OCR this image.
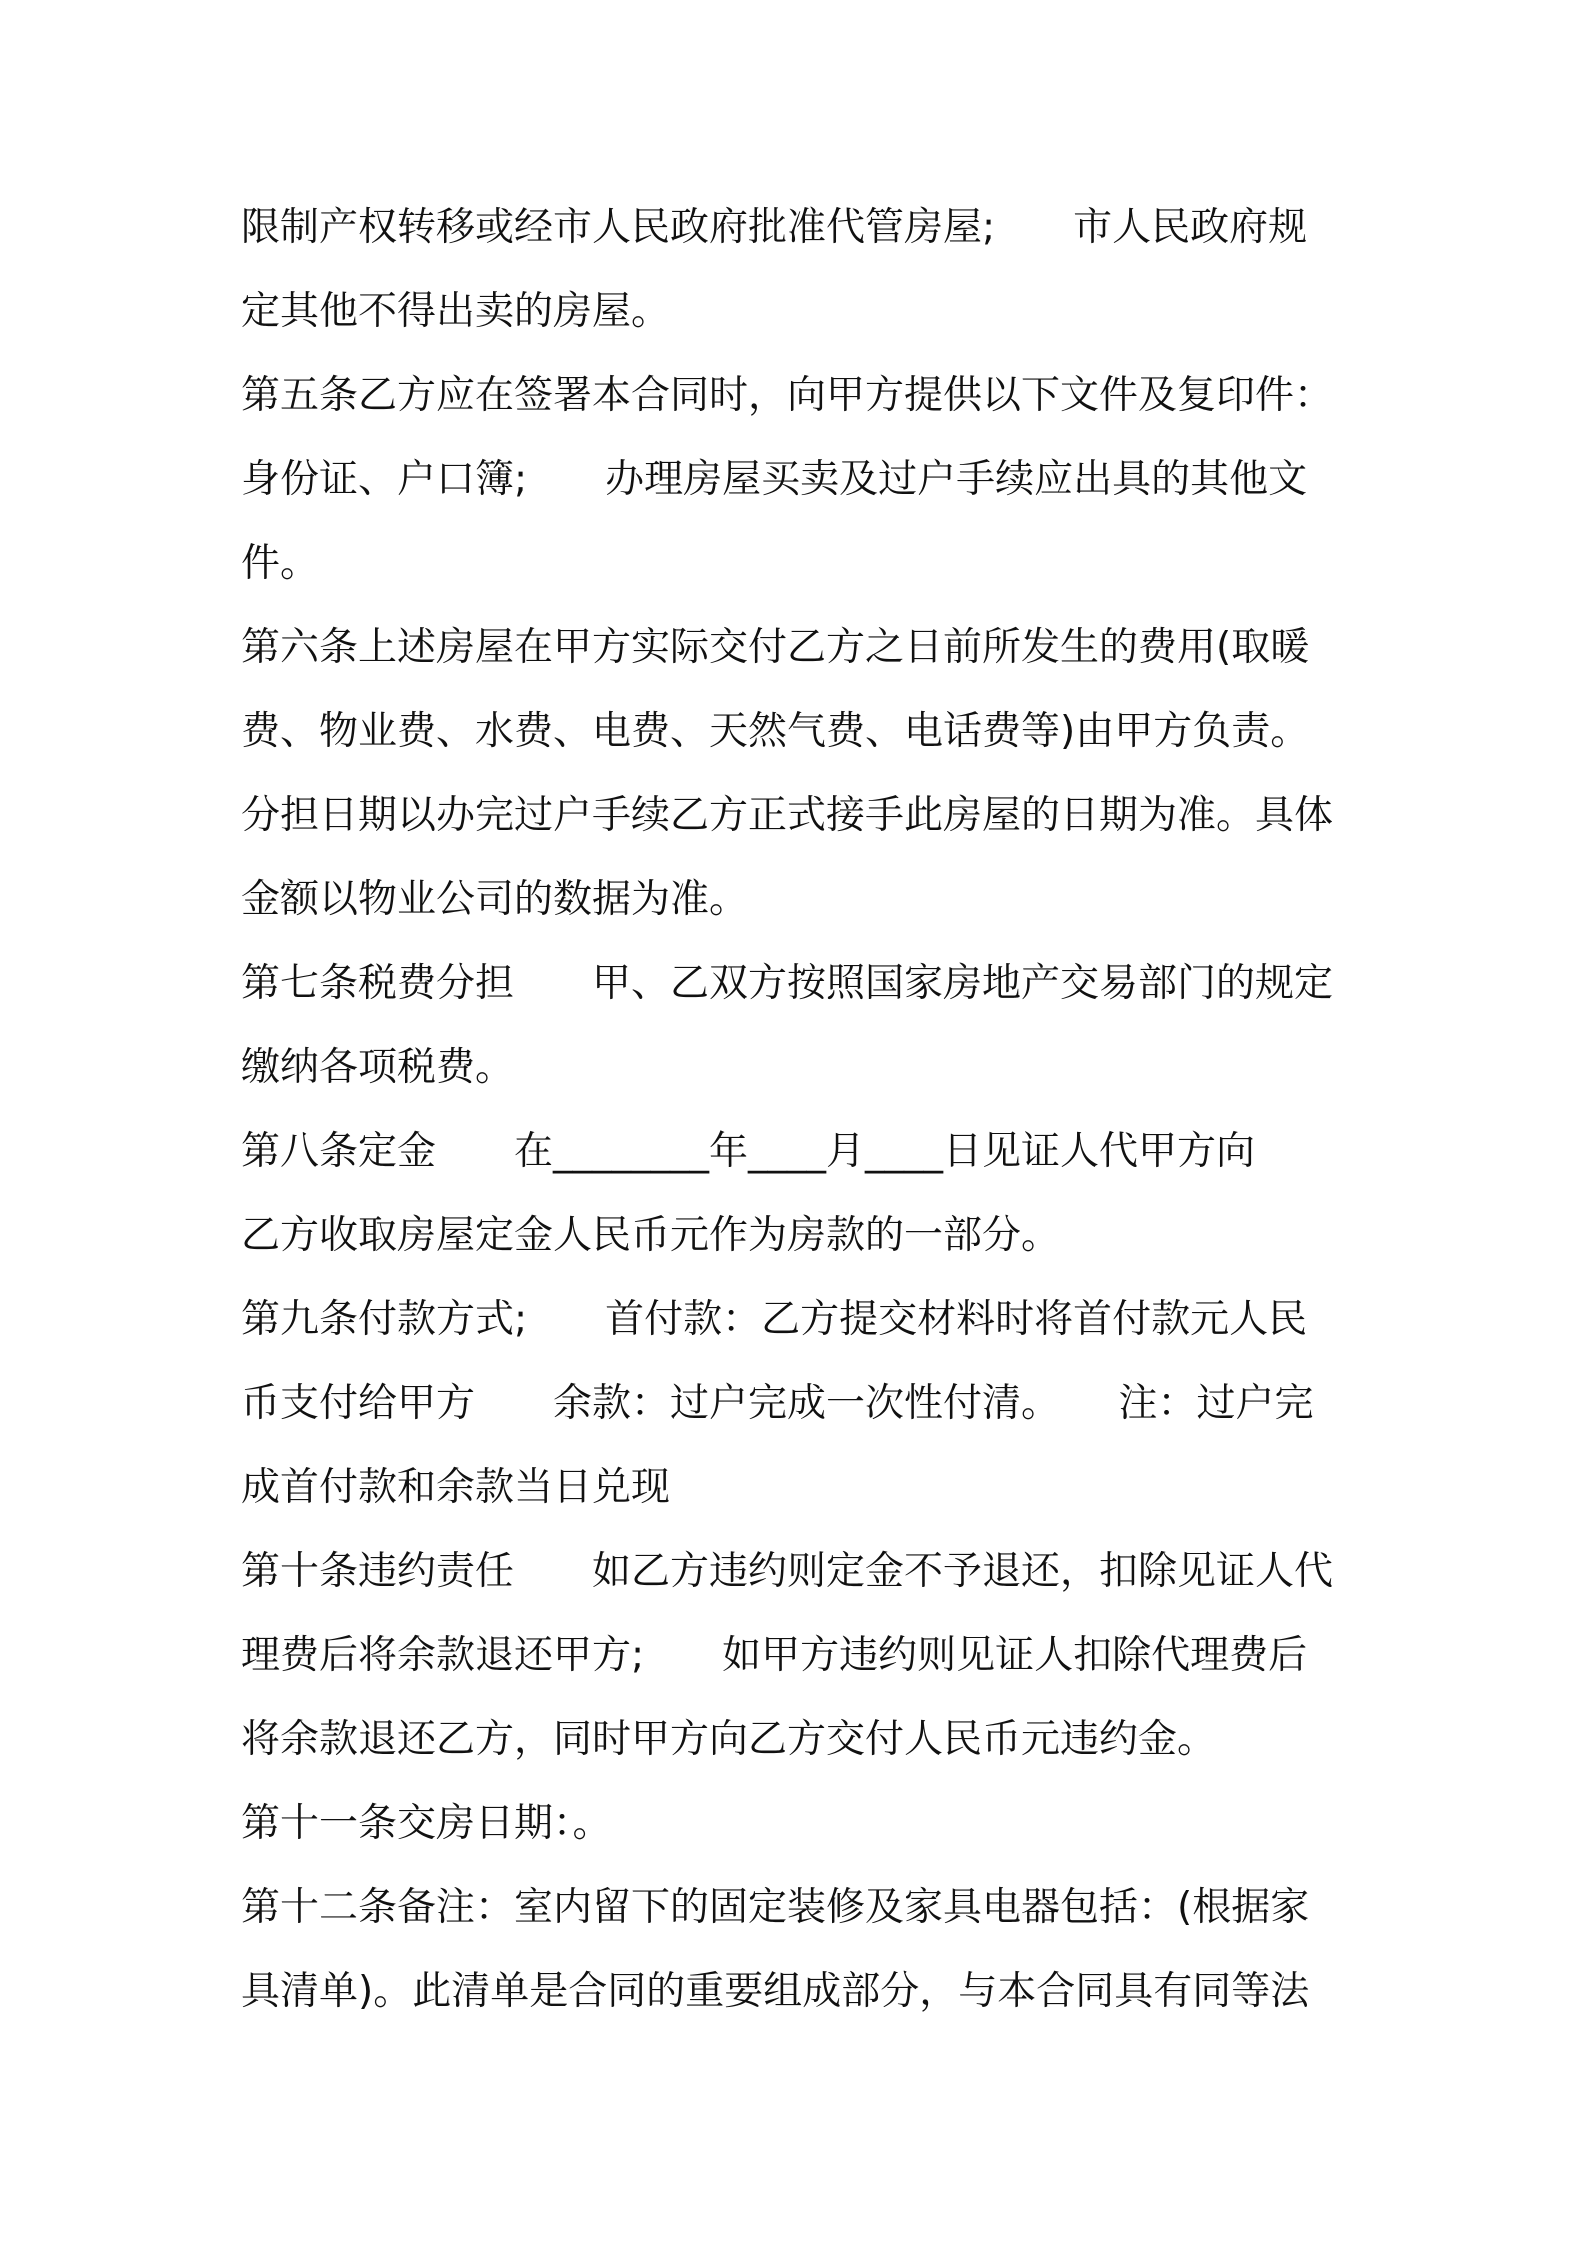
限制产权转移或经市人民政府批准代管房屋;　　市人民政府规
定其他不得出卖的房屋。
第五条乙方应在签署本合同时，向甲方提供以下文件及复印件：
身份证、户口簿;　　办理房屋买卖及过户手续应出具的其他文
件。
第六条上述房屋在甲方实际交付乙方之日前所发生的费用(取暖
费、物业费、水费、电费、天然气费、电话费等)由甲方负责。
分担日期以办完过户手续乙方正式接手此房屋的日期为准。具体
金额以物业公司的数据为准。
第七条税费分担　　甲、乙双方按照国家房地产交易部门的规定
缴纳各项税费。
第八条定金　　在________年____月____日见证人代甲方向
乙方收取房屋定金人民币元作为房款的一部分。
第九条付款方式;　　首付款：乙方提交材料时将首付款元人民
币支付给甲方　　余款：过户完成一次性付清。　　注：过户完
成首付款和余款当日兑现
第十条违约责任　　如乙方违约则定金不予退还，扣除见证人代
理费后将余款退还甲方;　　如甲方违约则见证人扣除代理费后
将余款退还乙方，同时甲方向乙方交付人民币元违约金。
第十一条交房日期：。
第十二条备注：室内留下的固定装修及家具电器包括：(根据家
具清单)。此清单是合同的重要组成部分，与本合同具有同等法
